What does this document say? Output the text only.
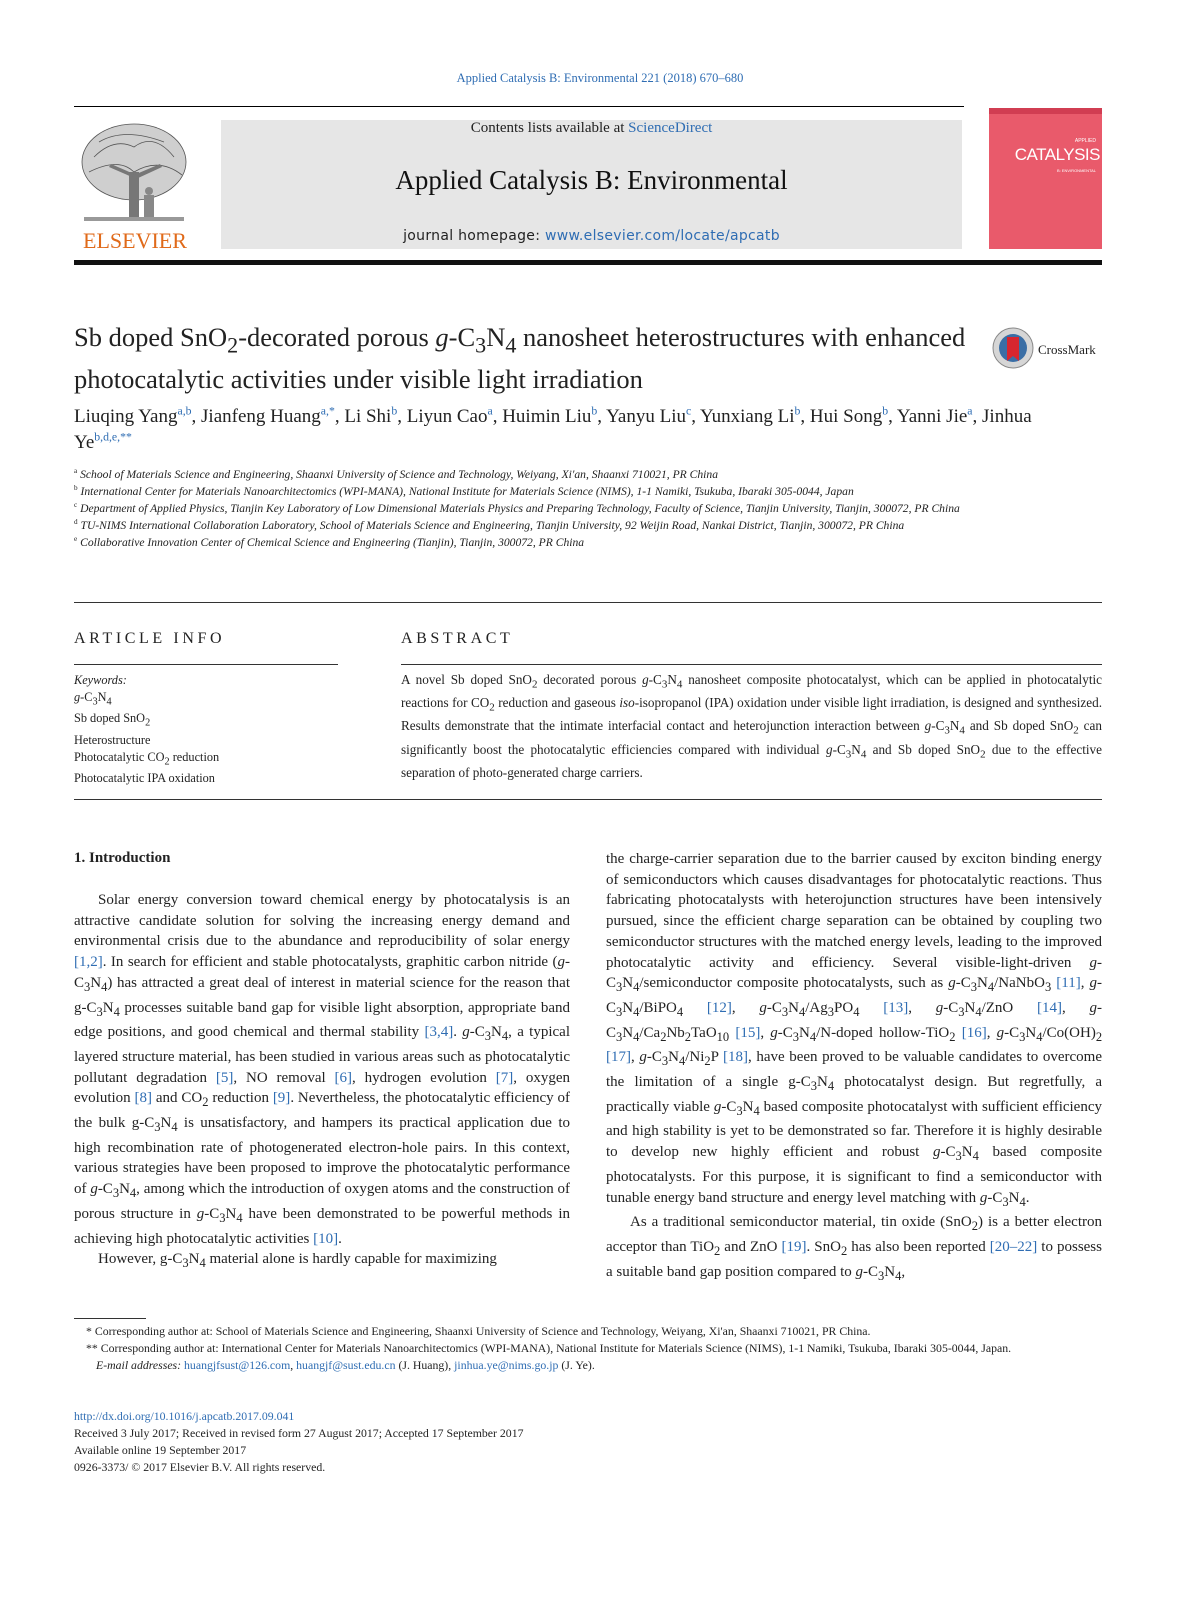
Applied Catalysis B: Environmental 221 (2018) 670–680
ELSEVIER
Contents lists available at ScienceDirect
Applied Catalysis B: Environmental
journal homepage: www.elsevier.com/locate/apcatb
APPLIED
CATALYSIS
B: ENVIRONMENTAL
Sb doped SnO$_2$-decorated porous $g-C_3N_4$ nanosheet heterostructures with enhanced photocatalytic activities under visible light irradiation
CrossMark
Liuqing Yang$^{a,b}$, Jianfeng Huang$^{a,*}$, Li Shi$^b$, Liyun Cao$^a$, Huimin Liu$^b$, Yanyu Liu$^c$, Yunxiang Li$^b$, Hui Song$^b$, Yanni Jie$^a$, Jinhua $Ye^{b,d,e,**}$

$^a$ School of Materials Science and Engineering, Shaanxi University of Science and Technology, Weiyang, Xi'an, Shaanxi 710021, PR China

$^b$ International Center for Materials Nanoarchitectomics (WPI-MANA), National Institute for Materials Science (NIMS), 1-1 Namiki, Tsukuba, Ibaraki 305-0044, Japan

$^c$ Department of Applied Physics, Tianjin Key Laboratory of Low Dimensional Materials Physics and Preparing Technology, Faculty of Science, Tianjin University, Tianjin, 300072, PR China

$^d$ TU-NIMS International Collaboration Laboratory, School of Materials Science and Engineering, Tianjin University, 92 Weijin Road, Nankai District, Tianjin, 300072, PR China

$^e$ Collaborative Innovation Center of Chemical Science and Engineering (Tianjin), Tianjin, 300072, PR China

ARTICLE INFO	ABSTRACT
Keywords:
$g-C_3N_4$
Sb doped SnO$_2$
Heterostructure
Photocatalytic $CO_2$ reduction
Photocatalytic IPA oxidation
A novel Sb doped SnO$_2$ decorated porous $g-C_3N_4$ nanosheet composite photocatalyst, which can be applied in photocatalytic reactions for $CO_2$ reduction and gaseous iso-isopropanol (IPA) oxidation under visible light irradiation, is designed and synthesized. Results demonstrate that the intimate interfacial contact and heterojunction interaction between $g-C_3N_4$ and Sb doped SnO$_2$ can significantly boost the photocatalytic efficiencies compared with individual $g-C_3N_4$ and Sb doped SnO$_2$ due to the effective separation of photo-generated charge carriers.
1. Introduction

Solar energy conversion toward chemical energy by photocatalysis is an attractive candidate solution for solving the increasing energy demand and environmental crisis due to the abundance and reproducibility of solar energy [1,2]. In search for efficient and stable photocatalysts, graphitic carbon nitride $(g-C_3N_4)$ has attracted a great deal of interest in material science for the reason that $g-C_3N_4$ processes suitable band gap for visible light absorption, appropriate band edge positions, and good chemical and thermal stability [3,4]. $g-C_3N_4$, a typical layered structure material, has been studied in various areas such as photocatalytic pollutant degradation [5], NO removal [6], hydrogen evolution [7], oxygen evolution [8] and $CO_2$ reduction [9]. Nevertheless, the photocatalytic efficiency of the bulk $g-C_3N_4$ is unsatisfactory, and hampers its practical application due to high recombination rate of photogenerated electron-hole pairs. In this context, various strategies have been proposed to improve the photocatalytic performance of $g-C_3N_4$, among which the introduction of oxygen atoms and the construction of porous structure in $g-C_3N_4$ have been demonstrated to be powerful methods in achieving high photocatalytic activities [10].

However, $g-C_3N_4$ material alone is hardly capable for maximizing

the charge-carrier separation due to the barrier caused by exciton binding energy of semiconductors which causes disadvantages for photocatalytic reactions. Thus fabricating photocatalysts with heterojunction structures have been intensively pursued, since the efficient charge separation can be obtained by coupling two semiconductor structures with the matched energy levels, leading to the improved photocatalytic activity and efficiency. Several visible-light-driven $g-C_3N_4$/semiconductor composite photocatalysts, such as $g-C_3N_4/NaNbO_3$ [11], $g-C_3N_4/BiPO_4$ [12], $g-C_3N_4/Ag_3PO_4$ [13], $g-C_3N_4$/ZnO [14], $g-C_3N_4/Ca_2Nb_2TaO_{10}$ [15], $g-C_3N_4/N$-doped hollow-TiO$_2$ [16], $g-C_3N_4/Co(OH)_2$ [17], $g-C_3N_4/Ni_2P$ [18], have been proved to be valuable candidates to overcome the limitation of a single $g-C_3N_4$ photocatalyst design. But regretfully, a practically viable $g-C_3N_4$ based composite photocatalyst with sufficient efficiency and high stability is yet to be demonstrated so far. Therefore it is highly desirable to develop new highly efficient and robust $g-C_3N_4$ based composite photocatalysts. For this purpose, it is significant to find a semiconductor with tunable energy band structure and energy level matching with $g-C_3N_4$.

As a traditional semiconductor material, tin oxide (SnO$_2$) is a better electron acceptor than TiO$_2$ and ZnO [19]. SnO$_2$ has also been reported [20–22] to possess a suitable band gap position compared to $g-C_3N_4$,

* Corresponding author at: School of Materials Science and Engineering, Shaanxi University of Science and Technology, Weiyang, Xi'an, Shaanxi 710021, PR China.

** Corresponding author at: International Center for Materials Nanoarchitectomics (WPI-MANA), National Institute for Materials Science (NIMS), 1-1 Namiki, Tsukuba, Ibaraki 305-0044, Japan.

E-mail addresses: huangjfsust@126.com, huangjf@sust.edu.cn (J. Huang), jinhua.ye@nims.go.jp (J. Ye).

http://dx.doi.org/10.1016/j.apcatb.2017.09.041

Received 3 July 2017; Received in revised form 27 August 2017; Accepted 17 September 2017

Available online 19 September 2017

0926-3373/ © 2017 Elsevier B.V. All rights reserved.
